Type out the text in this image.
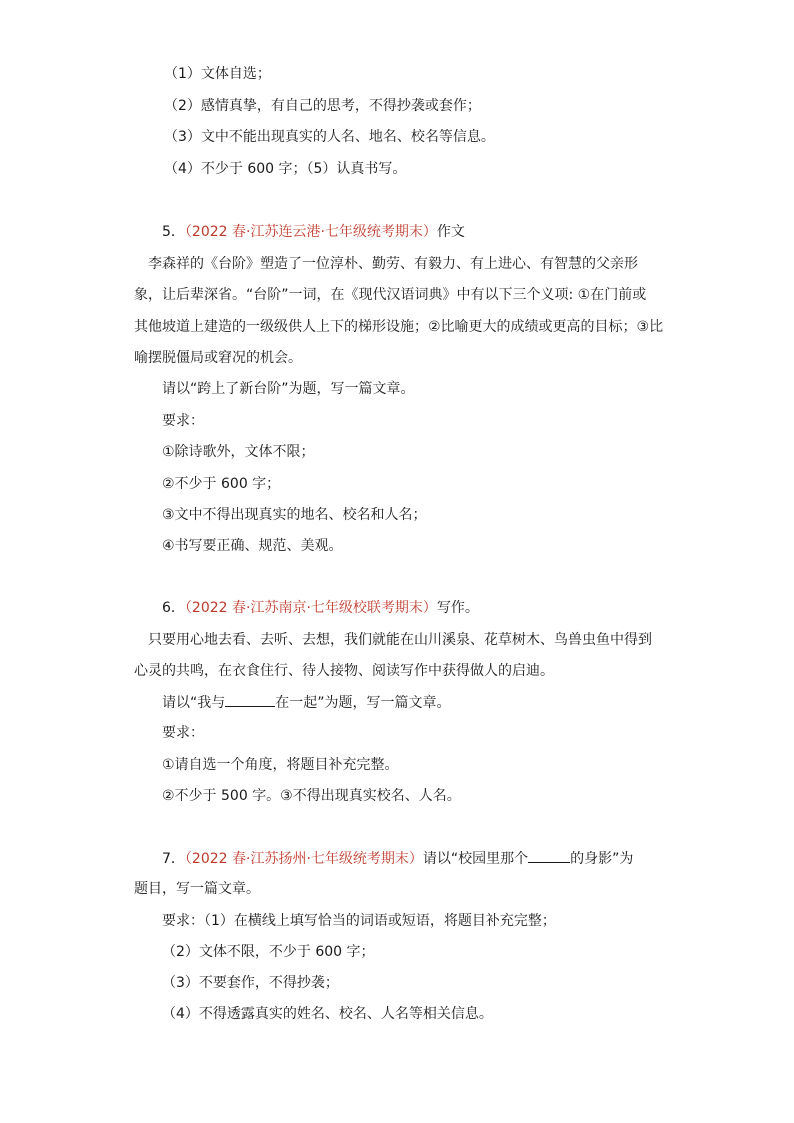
（1）文体自选；
（2）感情真挚，有自己的思考，不得抄袭或套作；
（3）文中不能出现真实的人名、地名、校名等信息。
（4）不少于 600 字；（5）认真书写。
5．（2022 春·江苏连云港·七年级统考期末）作文
李森祥的《台阶》塑造了一位淳朴、勤劳、有毅力、有上进心、有智慧的父亲形
象，让后辈深省。“台阶”一词，在《现代汉语词典》中有以下三个义项: ①在门前或
其他坡道上建造的一级级供人上下的梯形设施；②比喻更大的成绩或更高的目标；③比
喻摆脱僵局或窘况的机会。
请以“跨上了新台阶”为题，写一篇文章。
要求：
①除诗歌外，文体不限；
②不少于 600 字；
③文中不得出现真实的地名、校名和人名；
④书写要正确、规范、美观。
6．（2022 春·江苏南京·七年级校联考期末）写作。
只要用心地去看、去听、去想，我们就能在山川溪泉、花草树木、鸟兽虫鱼中得到
心灵的共鸣，在衣食住行、待人接物、阅读写作中获得做人的启迪。
请以“我与	在一起”为题，写一篇文章。
要求：
①请自选一个角度，将题目补充完整。
②不少于 500 字。③不得出现真实校名、人名。
7．（2022 春·江苏扬州·七年级统考期末）请以“校园里那个	的身影”为
题目，写一篇文章。
要求：（1）在横线上填写恰当的词语或短语，将题目补充完整；
（2）文体不限，不少于 600 字；
（3）不要套作，不得抄袭；
（4）不得透露真实的姓名、校名、人名等相关信息。
